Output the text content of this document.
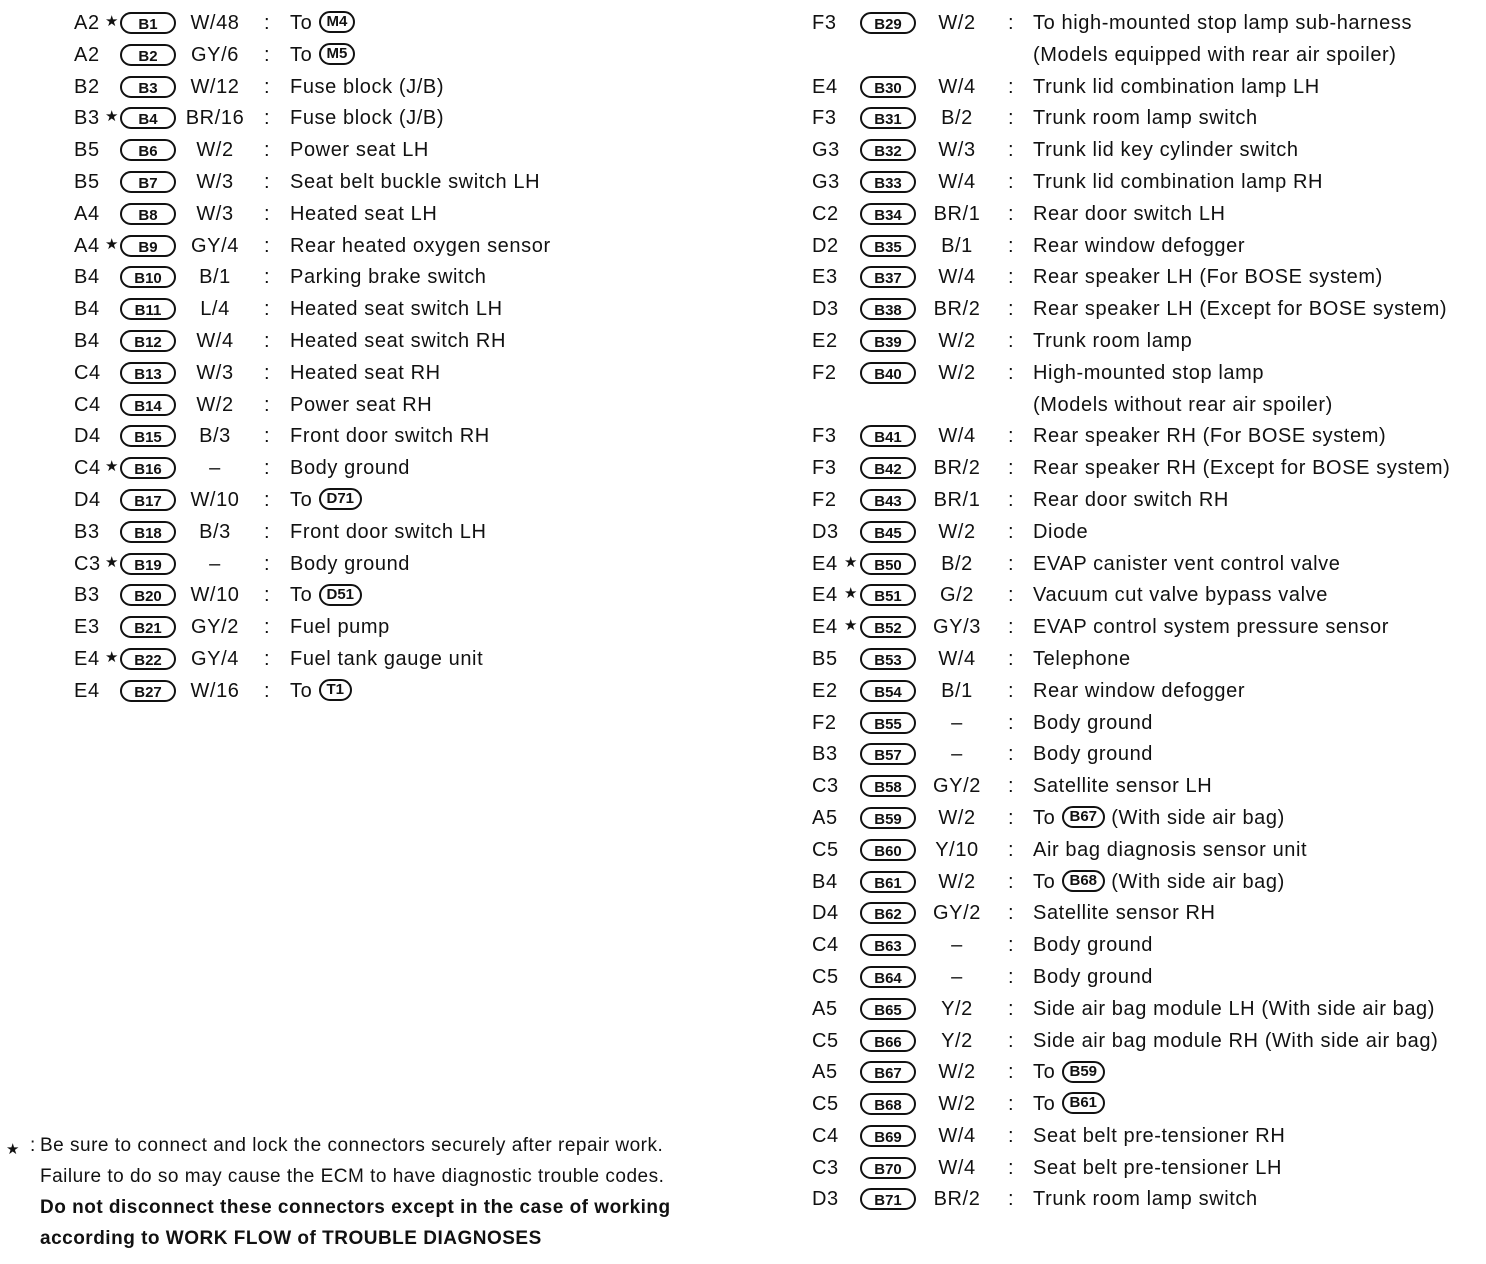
A2 ★	B1	W/48	: To M4
A2	B2	GY/6	: To M5
B2	B3	W/12	: Fuse block (J/B)
B3 ★	B4	BR/16 : Fuse block (J/B)
B5	B6	W/2	: Power seat LH
B5	B7	W/3	: Seat belt buckle switch LH
A4	B8	W/3	: Heated seat LH
A4 ★	B9	GY/4	: Rear heated oxygen sensor
B4	B10	B/1	: Parking brake switch
B4	B11	L/4	: Heated seat switch LH
B4	B12	W/4	: Heated seat switch RH
C4	B13	W/3	: Heated seat RH
C4	B14	W/2	: Power seat RH
D4	B15	B/3	: Front door switch RH
C4 ★	B16	–	: Body ground
D4	B17	W/10	: To D71
B3	B18	B/3	: Front door switch LH
C3 ★	B19	–	: Body ground
B3	B20	W/10	: To D51
E3	B21	GY/2	: Fuel pump
E4 ★	B22	GY/4	: Fuel tank gauge unit
E4	B27	W/16	: To T1
F3	B29	W/2	: To high-mounted stop lamp sub-harness
(Models equipped with rear air spoiler)
E4	B30	W/4	: Trunk lid combination lamp LH
F3	B31	B/2	: Trunk room lamp switch
G3	B32	W/3	: Trunk lid key cylinder switch
G3	B33	W/4	: Trunk lid combination lamp RH
C2	B34	BR/1	: Rear door switch LH
D2	B35	B/1	: Rear window defogger
E3	B37	W/4	: Rear speaker LH (For BOSE system)
D3	B38	BR/2	: Rear speaker LH (Except for BOSE system)
E2	B39	W/2	: Trunk room lamp
F2	B40	W/2	: High-mounted stop lamp
(Models without rear air spoiler)
F3	B41	W/4	: Rear speaker RH (For BOSE system)
F3	B42	BR/2	: Rear speaker RH (Except for BOSE system)
F2	B43	BR/1	: Rear door switch RH
D3	B45	W/2	: Diode
E4 ★	B50	B/2	: EVAP canister vent control valve
E4 ★	B51	G/2	: Vacuum cut valve bypass valve
E4 ★	B52	GY/3	: EVAP control system pressure sensor
B5	B53	W/4	: Telephone
E2	B54	B/1	: Rear window defogger
F2	B55	–	: Body ground
B3	B57	–	: Body ground
C3	B58	GY/2	: Satellite sensor LH
A5	B59	W/2	: To B67 (With side air bag)
C5	B60	Y/10	: Air bag diagnosis sensor unit
B4	B61	W/2	: To B68 (With side air bag)
D4	B62	GY/2	: Satellite sensor RH
C4	B63	–	: Body ground
C5	B64	–	: Body ground
A5	B65	Y/2	: Side air bag module LH (With side air bag)
C5	B66	Y/2	: Side air bag module RH (With side air bag)
A5	B67	W/2	: To B59
C5	B68	W/2	: To B61
C4	B69	W/4	: Seat belt pre-tensioner RH
C3	B70	W/4	: Seat belt pre-tensioner LH
D3	B71	BR/2	: Trunk room lamp switch
★ : Be sure to connect and lock the connectors securely after repair work.
Failure to do so may cause the ECM to have diagnostic trouble codes.
Do not disconnect these connectors except in the case of working
according to WORK FLOW of TROUBLE DIAGNOSES
